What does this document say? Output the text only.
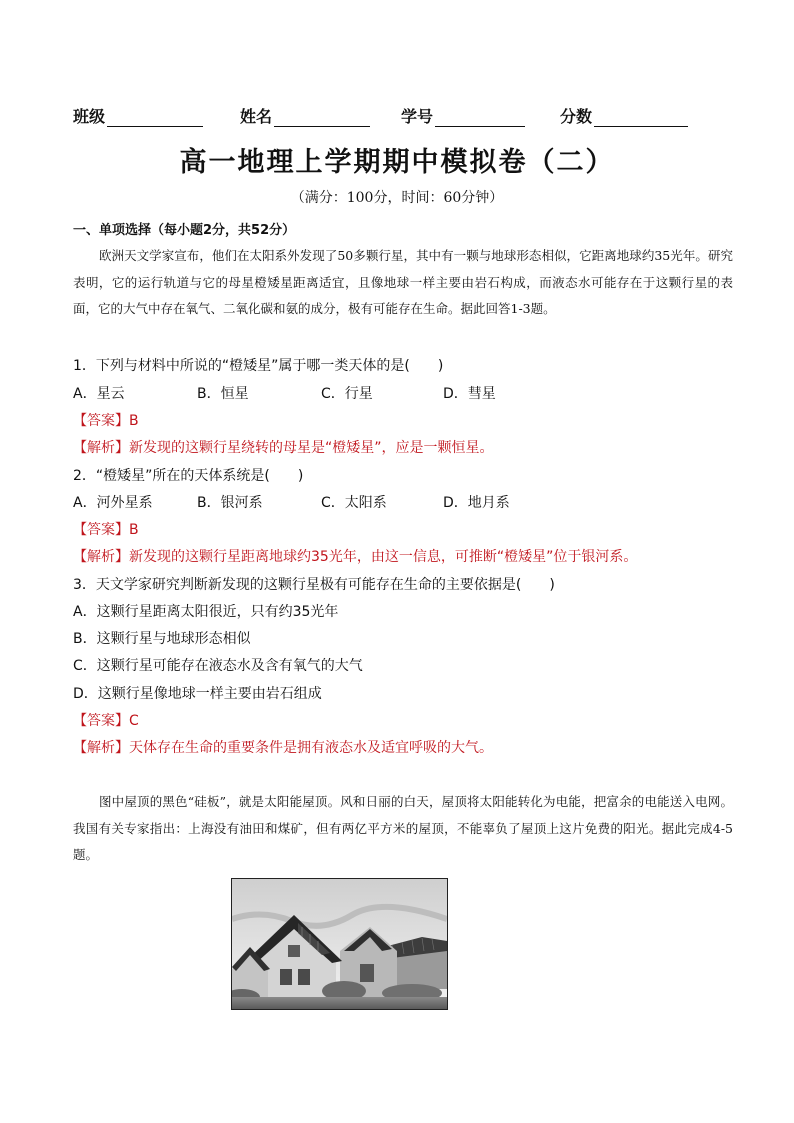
班级	姓名	学号	分数
高一地理上学期期中模拟卷（二）
（满分：100分，时间：60分钟）
一、单项选择（每小题2分，共52分）
欧洲天文学家宣布，他们在太阳系外发现了50多颗行星，其中有一颗与地球形态相似，它距离地球约35光年。研究表明，它的运行轨道与它的母星橙矮星距离适宜，且像地球一样主要由岩石构成，而液态水可能存在于这颗行星的表面，它的大气中存在氧气、二氧化碳和氨的成分，极有可能存在生命。据此回答1-3题。
1．下列与材料中所说的“橙矮星”属于哪一类天体的是(　　)
A．星云	B．恒星	C．行星	D．彗星
【答案】B
【解析】新发现的这颗行星绕转的母星是“橙矮星”，应是一颗恒星。
2．“橙矮星”所在的天体系统是(　　)
A．河外星系	B．银河系	C．太阳系	D．地月系
【答案】B
【解析】新发现的这颗行星距离地球约35光年，由这一信息，可推断“橙矮星”位于银河系。
3．天文学家研究判断新发现的这颗行星极有可能存在生命的主要依据是(　　)
A．这颗行星距离太阳很近，只有约35光年
B．这颗行星与地球形态相似
C．这颗行星可能存在液态水及含有氧气的大气
D．这颗行星像地球一样主要由岩石组成
【答案】C
【解析】天体存在生命的重要条件是拥有液态水及适宜呼吸的大气。
图中屋顶的黑色“硅板”，就是太阳能屋顶。风和日丽的白天，屋顶将太阳能转化为电能，把富余的电能送入电网。我国有关专家指出：上海没有油田和煤矿，但有两亿平方米的屋顶，不能辜负了屋顶上这片免费的阳光。据此完成4-5题。
